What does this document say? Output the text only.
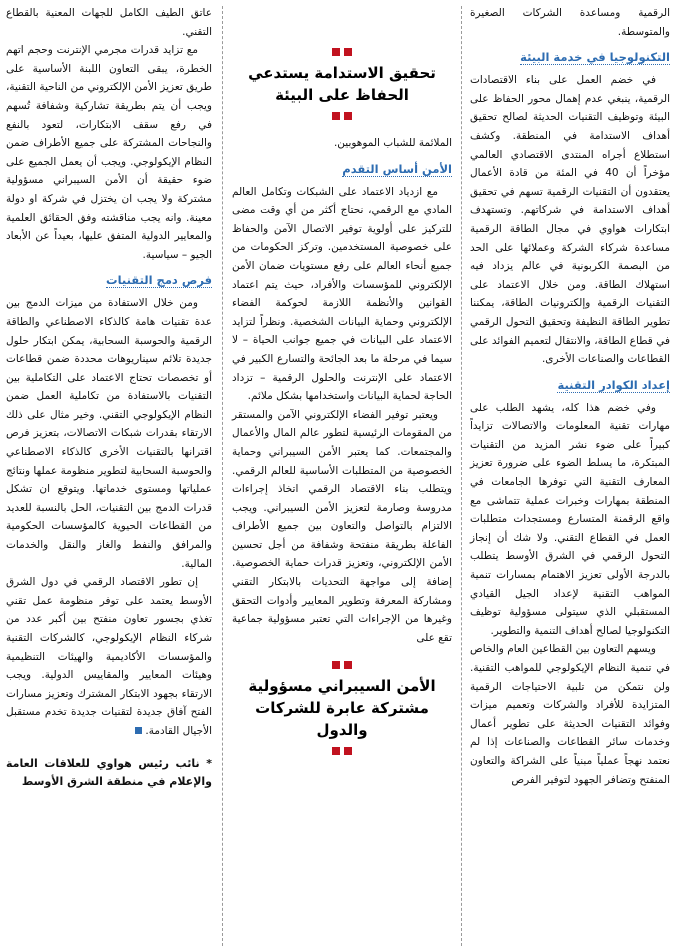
الرقمية ومساعدة الشركات الصغيرة والمتوسطة.

التكنولوجيا في خدمة البيئة

في خضم العمل على بناء الاقتصادات الرقمية، ينبغي عدم إهمال محور الحفاظ على البيئة وتوظيف التقنيات الحديثة لصالح تحقيق أهداف الاستدامة في المنطقة. وكشف استطلاع أجراه المنتدى الاقتصادي العالمي مؤخراً أن 40 في المئة من قادة الأعمال يعتقدون أن التقنيات الرقمية تسهم في تحقيق أهداف الاستدامة في شركاتهم. وتستهدف ابتكارات هواوي في مجال الطاقة الرقمية مساعدة شركاء الشركة وعملائها على الحد من البصمة الكربونية في عالم يزداد فيه استهلاك الطاقة. ومن خلال الاعتماد على التقنيات الرقمية وإلكترونيات الطاقة، يمكننا تطوير الطاقة النظيفة وتحقيق التحول الرقمي في قطاع الطاقة، والانتقال لتعميم الفوائد على القطاعات والصناعات الأخرى.

إعداد الكوادر التقنية

وفي خضم هذا كله، يشهد الطلب على مهارات تقنية المعلومات والاتصالات تزايداً كبيراً على ضوء نشر المزيد من التقنيات المبتكرة، ما يسلط الضوء على ضرورة تعزيز المعارف التقنية التي توفرها الجامعات في المنطقة بمهارات وخبرات عملية تتماشى مع واقع الرقمنة المتسارع ومستجدات متطلبات العمل في القطاع التقني. ولا شك أن إنجاز التحول الرقمي في الشرق الأوسط يتطلب بالدرجة الأولى تعزيز الاهتمام بمسارات تنمية المواهب التقنية لإعداد الجيل القيادي المستقبلي الذي سيتولى مسؤولية توظيف التكنولوجيا لصالح أهداف التنمية والتطوير.

ويسهم التعاون بين القطاعين العام والخاص في تنمية النظام الإيكولوجي للمواهب التقنية. ولن نتمكن من تلبية الاحتياجات الرقمية المتزايدة للأفراد والشركات وتعميم ميزات وفوائد التقنيات الحديثة على تطوير أعمال وخدمات سائر القطاعات والصناعات إذا لم نعتمد نهجاً عملياً مبنياً على الشراكة والتعاون المنفتح وتضافر الجهود لتوفير الفرص

تحقيق الاستدامة يستدعي الحفاظ على البيئة

الملائمة للشباب الموهوبين.

الأمن أساس التقدم

مع ازدياد الاعتماد على الشبكات وتكامل العالم المادي مع الرقمي، نحتاج أكثر من أي وقت مضى للتركيز على أولوية توفير الاتصال الآمن والحفاظ على خصوصية المستخدمين. وتركز الحكومات من جميع أنحاء العالم على رفع مستويات ضمان الأمن الإلكتروني للمؤسسات والأفراد، حيث يتم اعتماد القوانين والأنظمة اللازمة لحوكمة الفضاء الإلكتروني وحماية البيانات الشخصية. ونظراً لتزايد الاعتماد على البيانات في جميع جوانب الحياة – لا سيما في مرحلة ما بعد الجائحة والتسارع الكبير في الاعتماد على الإنترنت والحلول الرقمية – تزداد الحاجة لحماية البيانات واستخدامها بشكل ملائم.

ويعتبر توفير الفضاء الإلكتروني الآمن والمستقر من المقومات الرئيسية لتطور عالم المال والأعمال والمجتمعات. كما يعتبر الأمن السيبراني وحماية الخصوصية من المتطلبات الأساسية للعالم الرقمي. ويتطلب بناء الاقتصاد الرقمي اتخاذ إجراءات مدروسة وصارمة لتعزيز الأمن السيبراني. ويجب الالتزام بالتواصل والتعاون بين جميع الأطراف الفاعلة بطريقة منفتحة وشفافة من أجل تحسين الأمن الإلكتروني، وتعزيز قدرات حماية الخصوصية. إضافة إلى مواجهة التحديات بالابتكار التقني ومشاركة المعرفة وتطوير المعايير وأدوات التحقق وغيرها من الإجراءات التي تعتبر مسؤولية جماعية تقع على

الأمن السيبراني مسؤولية مشتركة عابرة للشركات والدول

عاتق الطيف الكامل للجهات المعنية بالقطاع التقني.

مع تزايد قدرات مجرمي الإنترنت وحجم اتهم الخطرة، يبقى التعاون اللبنة الأساسية على طريق تعزيز الأمن الإلكتروني من الناحية التقنية، ويجب أن يتم بطريقة تشاركية وشفافة تُسهم في رفع سقف الابتكارات، لتعود بالنفع والنجاحات المشتركة على جميع الأطراف ضمن النظام الإيكولوجي. ويجب أن يعمل الجميع على ضوء حقيقة أن الأمن السيبراني مسؤولية مشتركة ولا يجب ان يختزل في شركة او دولة معينة. وانه يجب مناقشته وفق الحقائق العلمية والمعايير الدولية المتفق عليها، بعيداً عن الأبعاد الجيو – سياسية.

فرص دمج التقنيات

ومن خلال الاستفادة من ميزات الدمج بين عدة تقنيات هامة كالذكاء الاصطناعي والطاقة الرقمية والحوسبة السحابية، يمكن ابتكار حلول جديدة تلائم سيناريوهات محددة ضمن قطاعات أو تخصصات تحتاج الاعتماد على التكاملية بين التقنيات بالاستفادة من تكاملية العمل ضمن النظام الإيكولوجي التقني. وخير مثال على ذلك الارتقاء بقدرات شبكات الاتصالات، بتعزيز فرص اقترانها بالتقنيات الأخرى كالذكاء الاصطناعي والحوسبة السحابية لتطوير منظومة عملها ونتائج عملياتها ومستوى خدماتها. ويتوقع ان تشكل قدرات الدمج بين التقنيات، الحل بالنسبة للعديد من القطاعات الحيوية كالمؤسسات الحكومية والمرافق والنفط والغاز والنقل والخدمات المالية.

إن تطور الاقتصاد الرقمي في دول الشرق الأوسط يعتمد على توفر منظومة عمل تقني تغذي بجسور تعاون منفتح بين أكبر عدد من شركاء النظام الإيكولوجي، كالشركات التقنية والمؤسسات الأكاديمية والهيئات التنظيمية وهيئات المعايير والمقاييس الدولية. ويجب الارتقاء بجهود الابتكار المشترك وتعزيز مسارات الفتح آفاق جديدة لتقنيات جديدة تخدم مستقبل الأجيال القادمة.

* نائب رئيس هواوي للعلاقات العامة والإعلام في منطقة الشرق الأوسط
